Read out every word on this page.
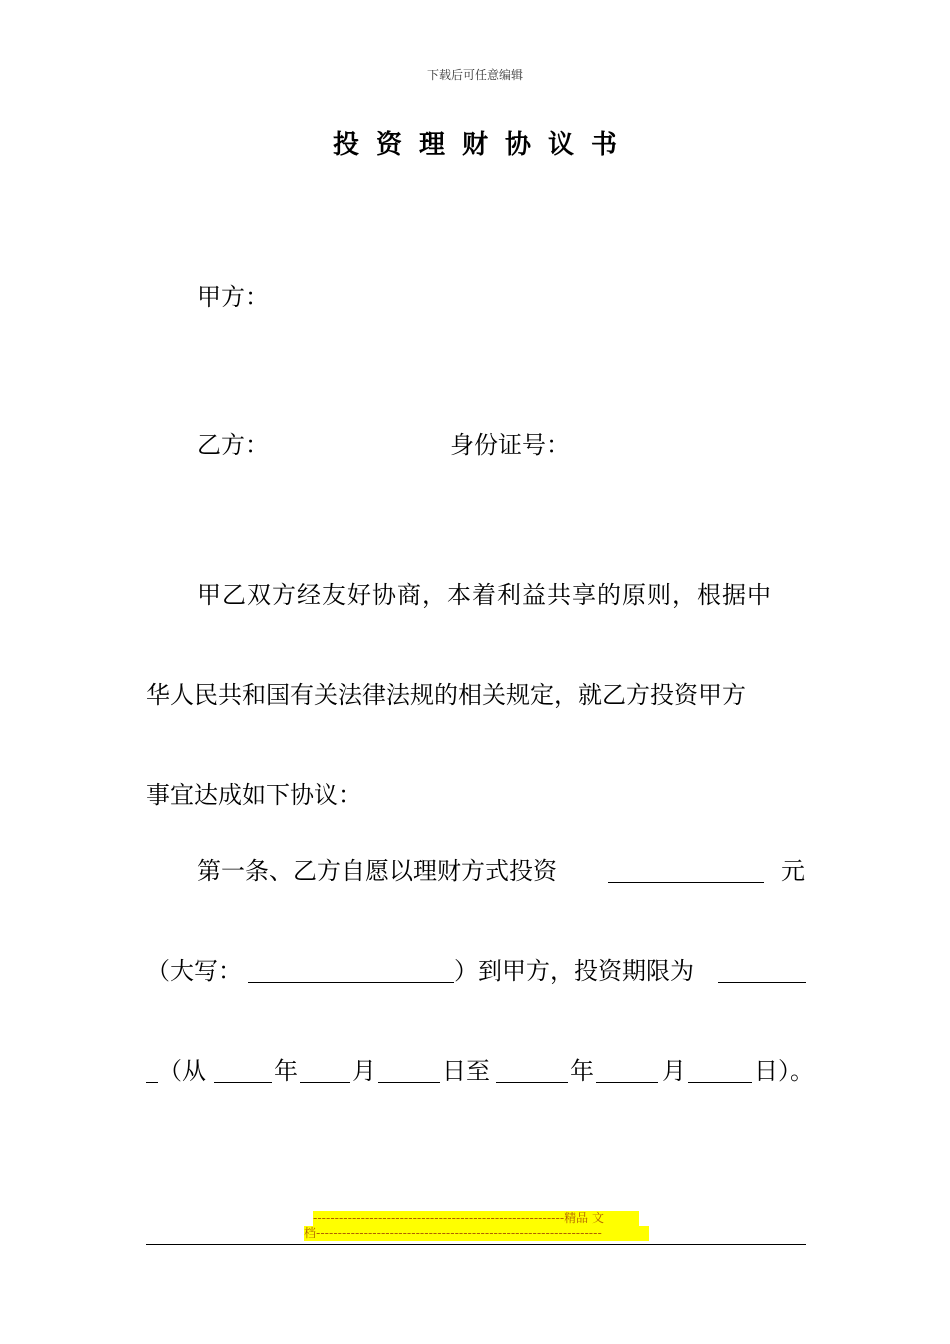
下载后可任意编辑
投资理财协议书
甲方：
乙方：	身份证号：
甲乙双方经友好协商，本着利益共享的原则，根据中
华人民共和国有关法律法规的相关规定，就乙方投资甲方
事宜达成如下协议：
第一条、乙方自愿以理财方式投资	元
（大写：	）到甲方，投资期限为
（从	年 月	日至	年	月	日）。
----------------------------------------------------------精品 文
档------------------------------------------------------------------
